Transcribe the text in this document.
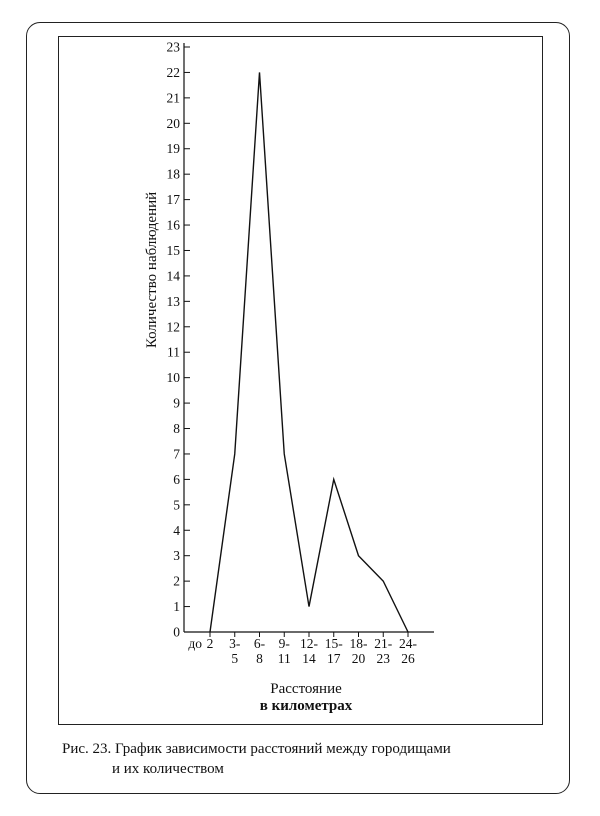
0
1
2
3
4
5
6
7
8
9
10
11
12
13
14
15
16
17
18
19
20
21
22
23
2 3-
5
6-
8
9-
11
12-
14
15-
17
18-
20
21-
23
24-
26
до
Количество наблюдений
Расстояние
в километрах
Рис. 23. График зависимости расстояний между городищами
и их количеством
